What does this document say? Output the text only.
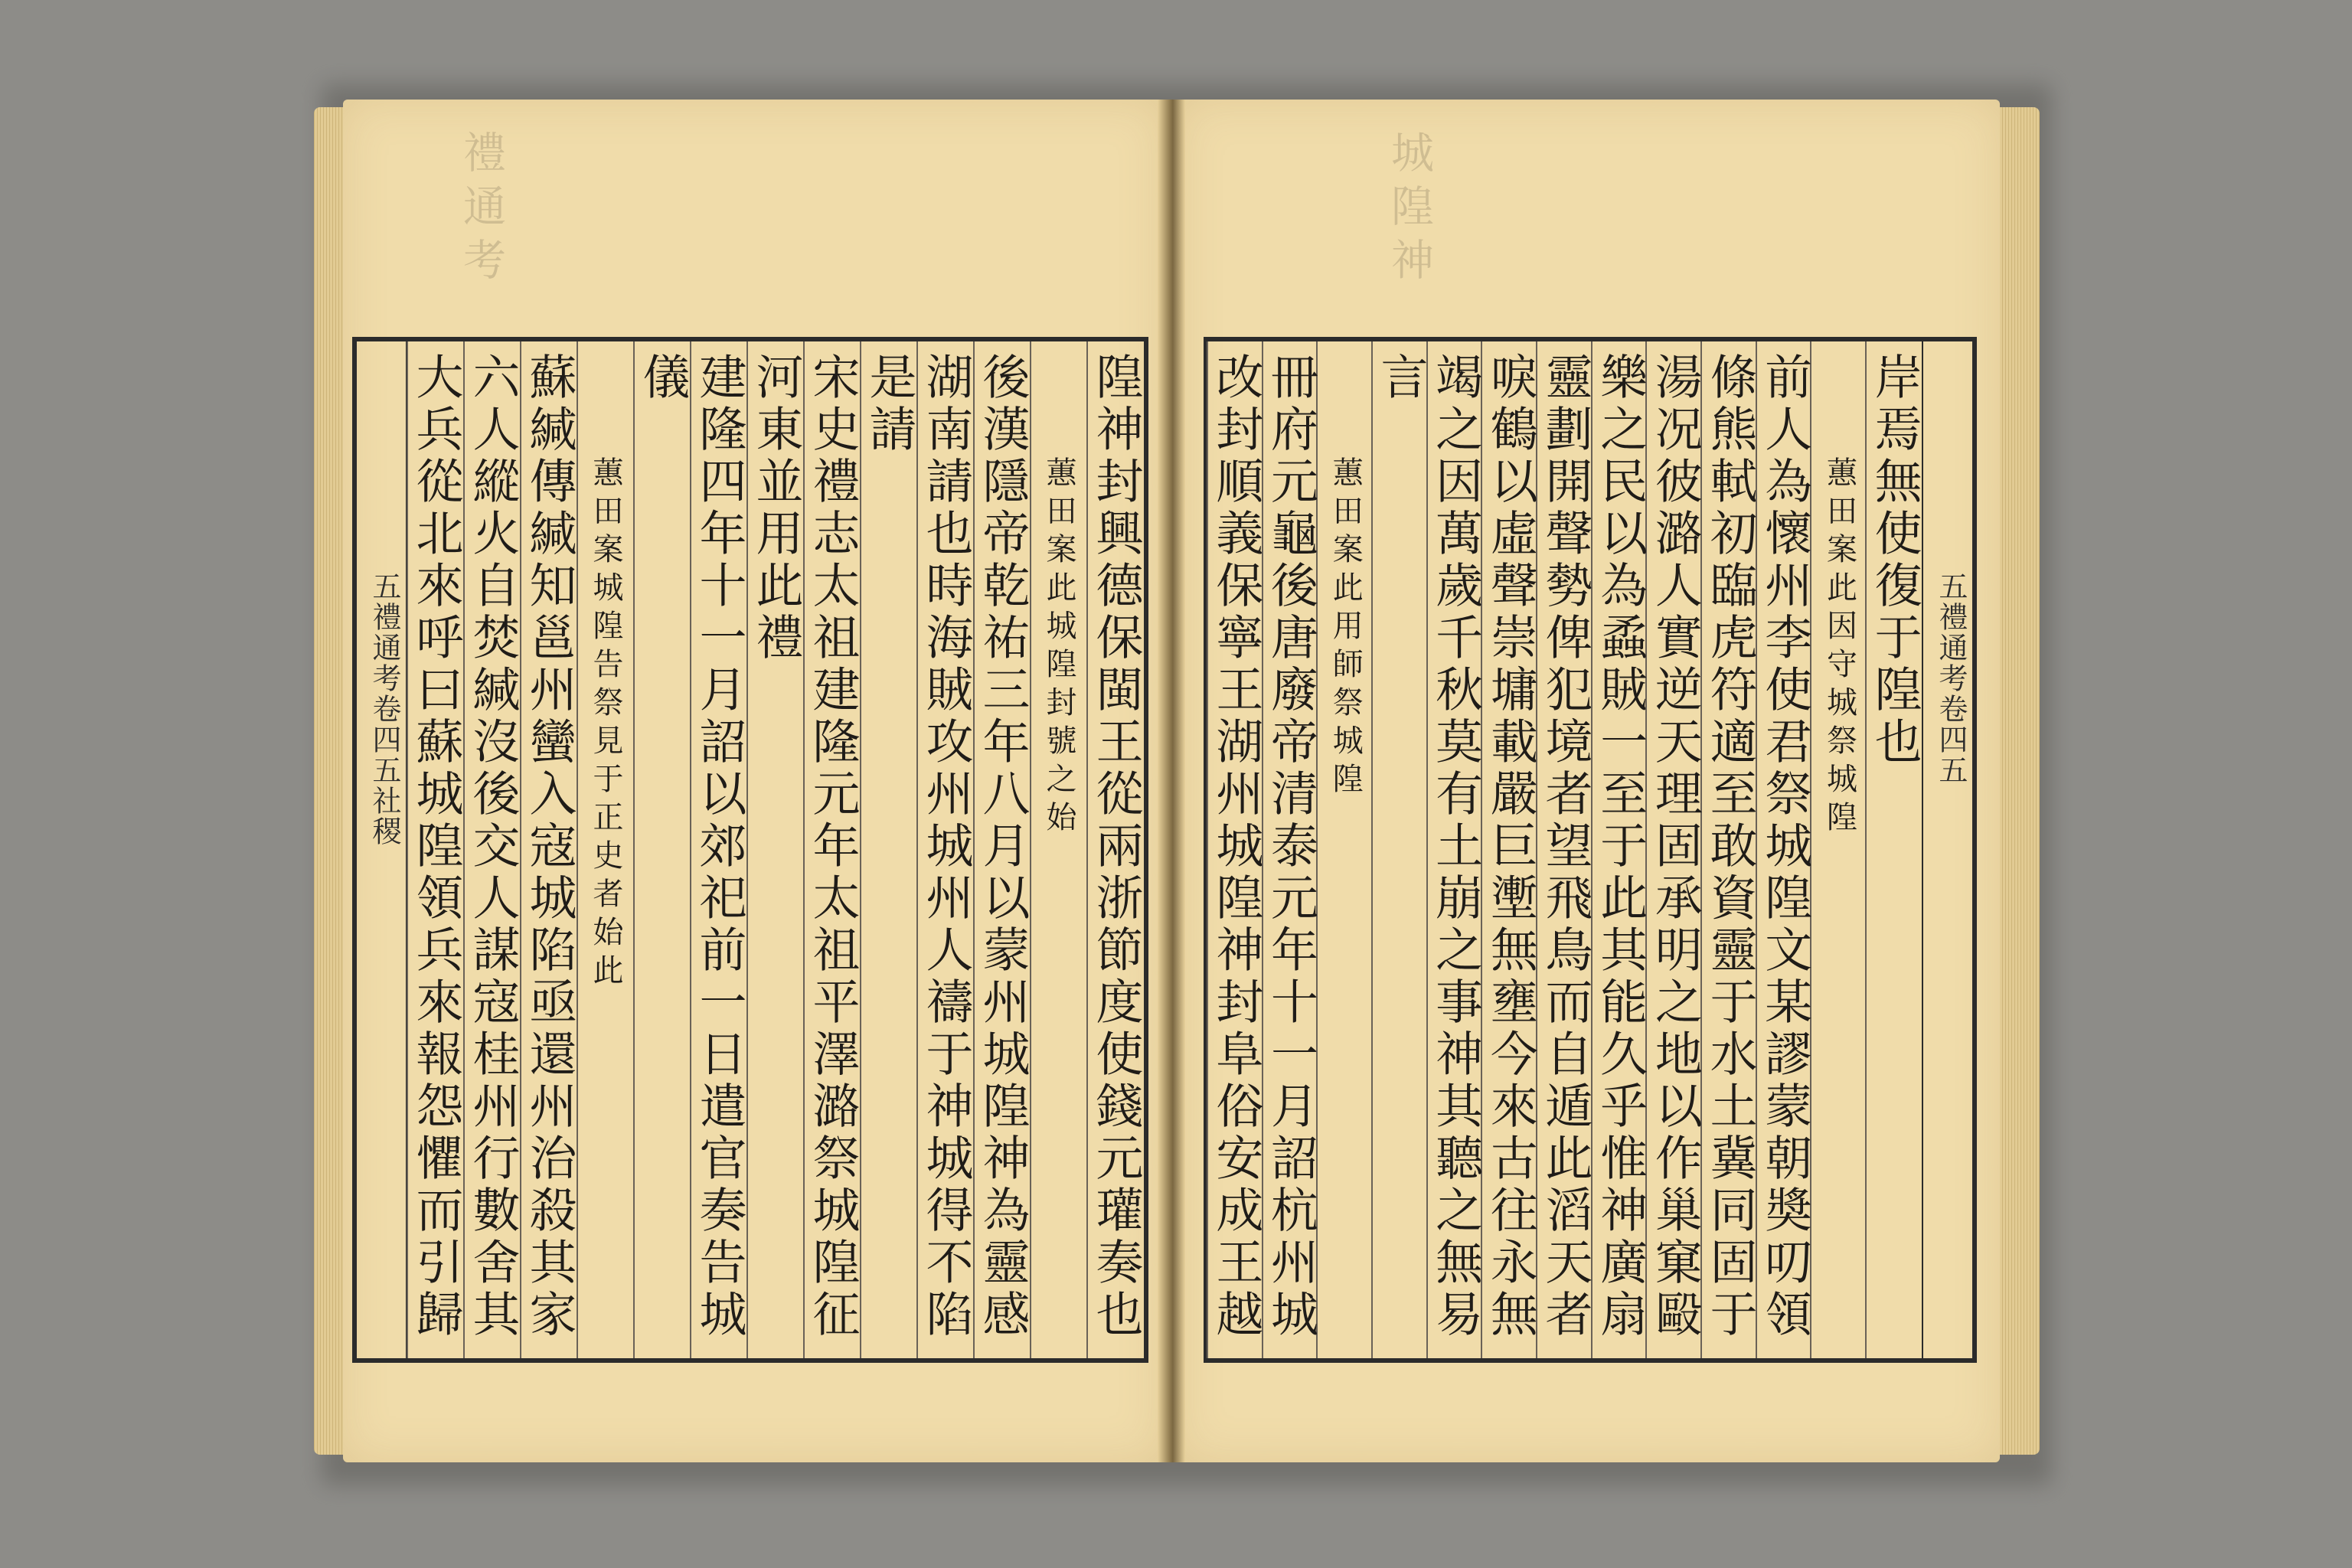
禮通考	城隍神
五禮通考卷四五社稷	隍神封興德保閩王從兩浙節度使錢元瓘奏也
蕙田案此城隍封號之始
後漢隱帝乾祐三年八月以蒙州城隍神為靈感
湖南請也時海賊攻州城州人禱于神城得不陷
是請
宋史禮志太祖建隆元年太祖平澤潞祭城隍征
河東並用此禮
建隆四年十一月詔以郊祀前一日遣官奏告城
儀
蕙田案城隍告祭見于正史者始此
蘇緘傳緘知邕州蠻入寇城陷亟還州治殺其家
六人縱火自焚緘沒後交人謀寇桂州行數舍其
大兵從北來呼曰蘇城隍領兵來報怨懼而引歸
五禮通考卷四五
岸焉無使復于隍也
蕙田案此因守城祭城隍
前人為懷州李使君祭城隍文某謬蒙朝奬叨領
條熊軾初臨虎符適至敢資靈于水土冀同固于
湯况彼潞人實逆天理固承明之地以作巢窠毆
樂之民以為蟊賊一至于此其能久乎惟神廣扇
靈劃開聲勢俾犯境者望飛鳥而自遁此滔天者
唳鶴以虛聲崇墉載嚴巨壍無壅今來古往永無
竭之因萬歲千秋莫有土崩之事神其聽之無易
言
蕙田案此用師祭城隍
冊府元龜後唐廢帝清泰元年十一月詔杭州城
改封順義保寧王湖州城隍神封阜俗安成王越
